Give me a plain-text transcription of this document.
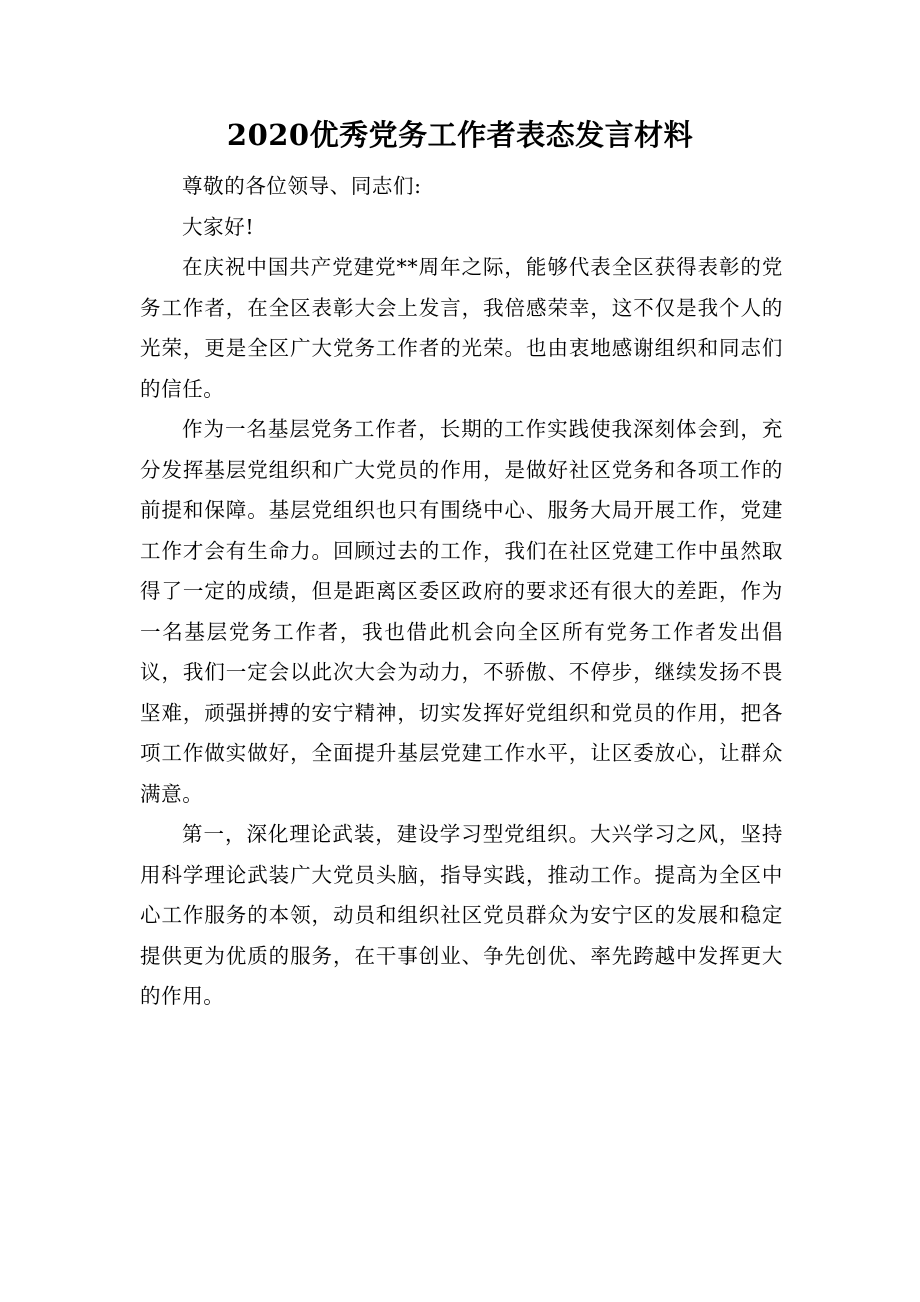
2020优秀党务工作者表态发言材料

尊敬的各位领导、同志们:

大家好!

在庆祝中国共产党建党**周年之际，能够代表全区获得表彰的党务工作者，在全区表彰大会上发言，我倍感荣幸，这不仅是我个人的光荣，更是全区广大党务工作者的光荣。也由衷地感谢组织和同志们的信任。

作为一名基层党务工作者，长期的工作实践使我深刻体会到，充分发挥基层党组织和广大党员的作用，是做好社区党务和各项工作的前提和保障。基层党组织也只有围绕中心、服务大局开展工作，党建工作才会有生命力。回顾过去的工作，我们在社区党建工作中虽然取得了一定的成绩，但是距离区委区政府的要求还有很大的差距，作为一名基层党务工作者，我也借此机会向全区所有党务工作者发出倡议，我们一定会以此次大会为动力，不骄傲、不停步，继续发扬不畏坚难，顽强拼搏的安宁精神，切实发挥好党组织和党员的作用，把各项工作做实做好，全面提升基层党建工作水平，让区委放心，让群众满意。

第一，深化理论武装，建设学习型党组织。大兴学习之风，坚持用科学理论武装广大党员头脑，指导实践，推动工作。提高为全区中心工作服务的本领，动员和组织社区党员群众为安宁区的发展和稳定提供更为优质的服务，在干事创业、争先创优、率先跨越中发挥更大的作用。
